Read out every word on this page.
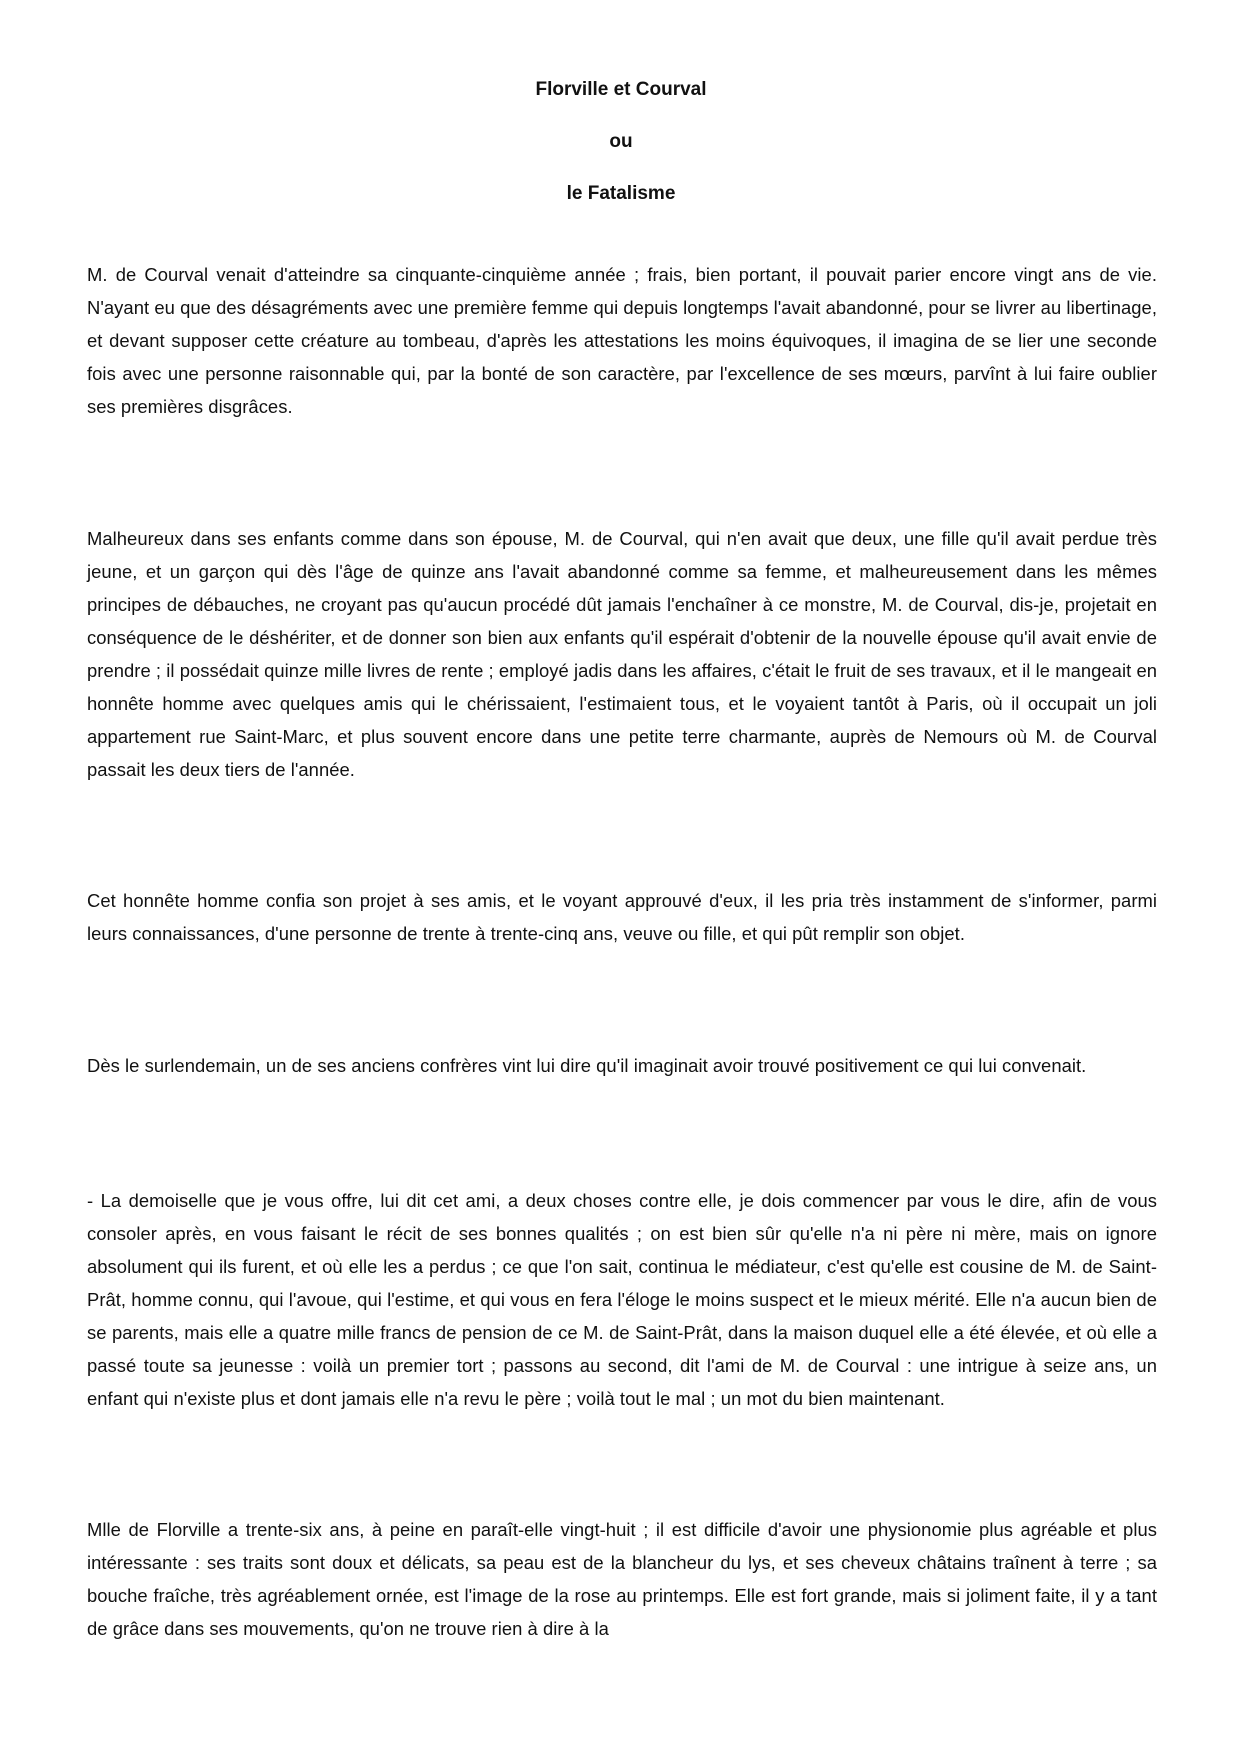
Florville et Courval
ou
le Fatalisme

M. de Courval venait d'atteindre sa cinquante-cinquième année ; frais, bien portant, il pouvait parier encore vingt ans de vie. N'ayant eu que des désagréments avec une première femme qui depuis longtemps l'avait abandonné, pour se livrer au libertinage, et devant supposer cette créature au tombeau, d'après les attestations les moins équivoques, il imagina de se lier une seconde fois avec une personne raisonnable qui, par la bonté de son caractère, par l'excellence de ses mœurs, parvînt à lui faire oublier ses premières disgrâces.

Malheureux dans ses enfants comme dans son épouse, M. de Courval, qui n'en avait que deux, une fille qu'il avait perdue très jeune, et un garçon qui dès l'âge de quinze ans l'avait abandonné comme sa femme, et malheureusement dans les mêmes principes de débauches, ne croyant pas qu'aucun procédé dût jamais l'enchaîner à ce monstre, M. de Courval, dis-je, projetait en conséquence de le déshériter, et de donner son bien aux enfants qu'il espérait d'obtenir de la nouvelle épouse qu'il avait envie de prendre ; il possédait quinze mille livres de rente ; employé jadis dans les affaires, c'était le fruit de ses travaux, et il le mangeait en honnête homme avec quelques amis qui le chérissaient, l'estimaient tous, et le voyaient tantôt à Paris, où il occupait un joli appartement rue Saint-Marc, et plus souvent encore dans une petite terre charmante, auprès de Nemours où M. de Courval passait les deux tiers de l'année.

Cet honnête homme confia son projet à ses amis, et le voyant approuvé d'eux, il les pria très instamment de s'informer, parmi leurs connaissances, d'une personne de trente à trente-cinq ans, veuve ou fille, et qui pût remplir son objet.

Dès le surlendemain, un de ses anciens confrères vint lui dire qu'il imaginait avoir trouvé positivement ce qui lui convenait.

- La demoiselle que je vous offre, lui dit cet ami, a deux choses contre elle, je dois commencer par vous le dire, afin de vous consoler après, en vous faisant le récit de ses bonnes qualités ; on est bien sûr qu'elle n'a ni père ni mère, mais on ignore absolument qui ils furent, et où elle les a perdus ; ce que l'on sait, continua le médiateur, c'est qu'elle est cousine de M. de Saint-Prât, homme connu, qui l'avoue, qui l'estime, et qui vous en fera l'éloge le moins suspect et le mieux mérité. Elle n'a aucun bien de se parents, mais elle a quatre mille francs de pension de ce M. de Saint-Prât, dans la maison duquel elle a été élevée, et où elle a passé toute sa jeunesse : voilà un premier tort ; passons au second, dit l'ami de M. de Courval : une intrigue à seize ans, un enfant qui n'existe plus et dont jamais elle n'a revu le père ; voilà tout le mal ; un mot du bien maintenant.

Mlle de Florville a trente-six ans, à peine en paraît-elle vingt-huit ; il est difficile d'avoir une physionomie plus agréable et plus intéressante : ses traits sont doux et délicats, sa peau est de la blancheur du lys, et ses cheveux châtains traînent à terre ; sa bouche fraîche, très agréablement ornée, est l'image de la rose au printemps. Elle est fort grande, mais si joliment faite, il y a tant de grâce dans ses mouvements, qu'on ne trouve rien à dire à la
